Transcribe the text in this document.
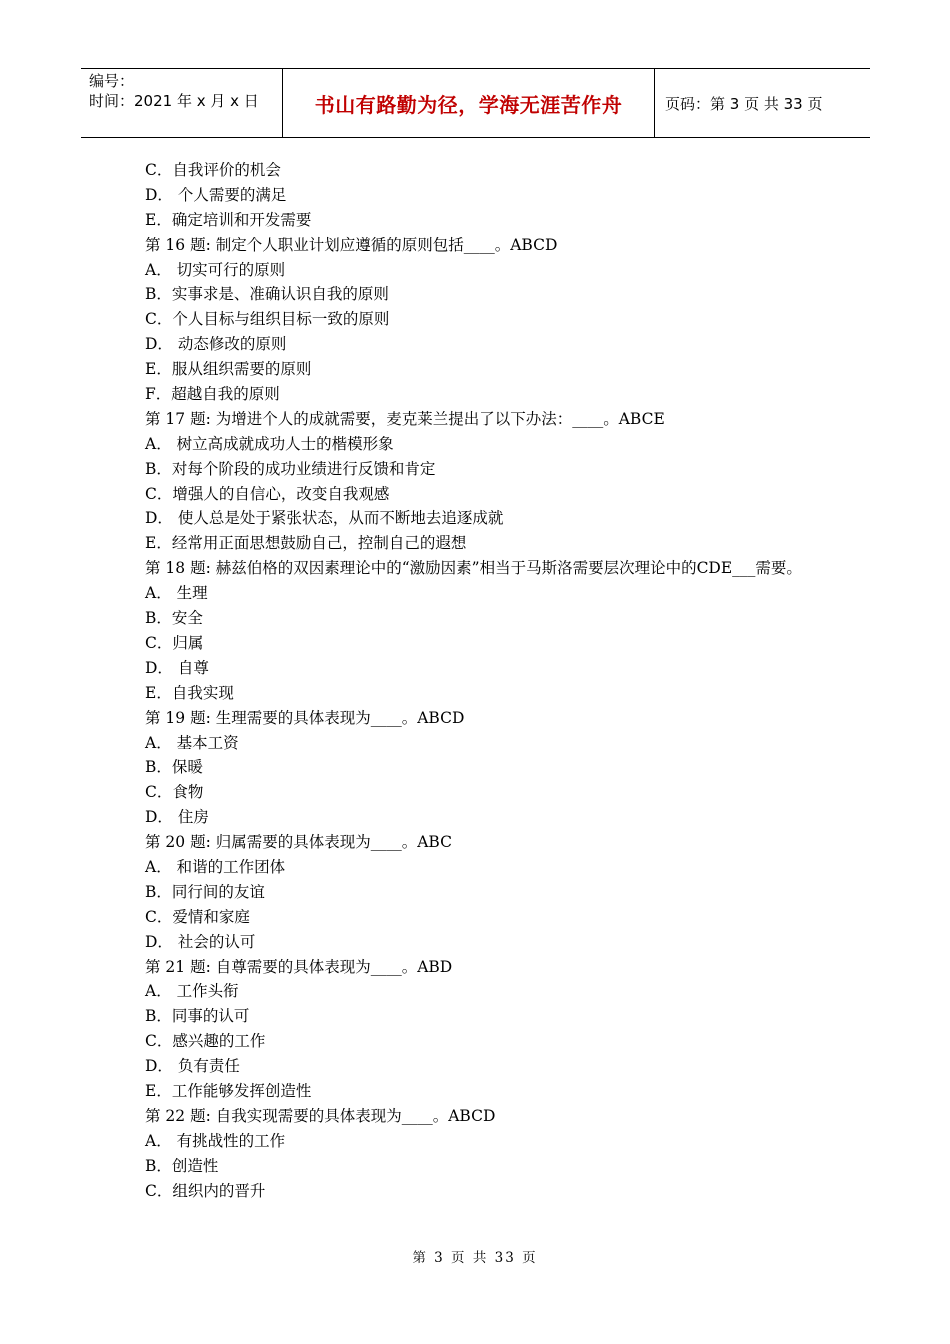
编号：
时间：2021 年 x 月 x 日	书山有路勤为径，学海无涯苦作舟	页码：第 3 页 共 33 页
C．自我评价的机会
D． 个人需要的满足
E．确定培训和开发需要
第 16 题: 制定个人职业计划应遵循的原则包括____。ABCD
A． 切实可行的原则
B．实事求是、准确认识自我的原则
C．个人目标与组织目标一致的原则
D． 动态修改的原则
E．服从组织需要的原则
F．超越自我的原则
第 17 题: 为增进个人的成就需要，麦克莱兰提出了以下办法：____。ABCE
A． 树立高成就成功人士的楷模形象
B．对每个阶段的成功业绩进行反馈和肯定
C．增强人的自信心，改变自我观感
D． 使人总是处于紧张状态，从而不断地去追逐成就
E．经常用正面思想鼓励自己，控制自己的遐想
第 18 题: 赫兹伯格的双因素理论中的“激励因素”相当于马斯洛需要层次理论中的CDE___需要。
A． 生理
B．安全
C．归属
D． 自尊
E．自我实现
第 19 题: 生理需要的具体表现为____。ABCD
A． 基本工资
B．保暖
C．食物
D． 住房
第 20 题: 归属需要的具体表现为____。ABC
A． 和谐的工作团体
B．同行间的友谊
C．爱情和家庭
D． 社会的认可
第 21 题: 自尊需要的具体表现为____。ABD
A． 工作头衔
B．同事的认可
C．感兴趣的工作
D． 负有责任
E．工作能够发挥创造性
第 22 题: 自我实现需要的具体表现为____。ABCD
A． 有挑战性的工作
B．创造性
C．组织内的晋升
第 3 页 共 33 页
